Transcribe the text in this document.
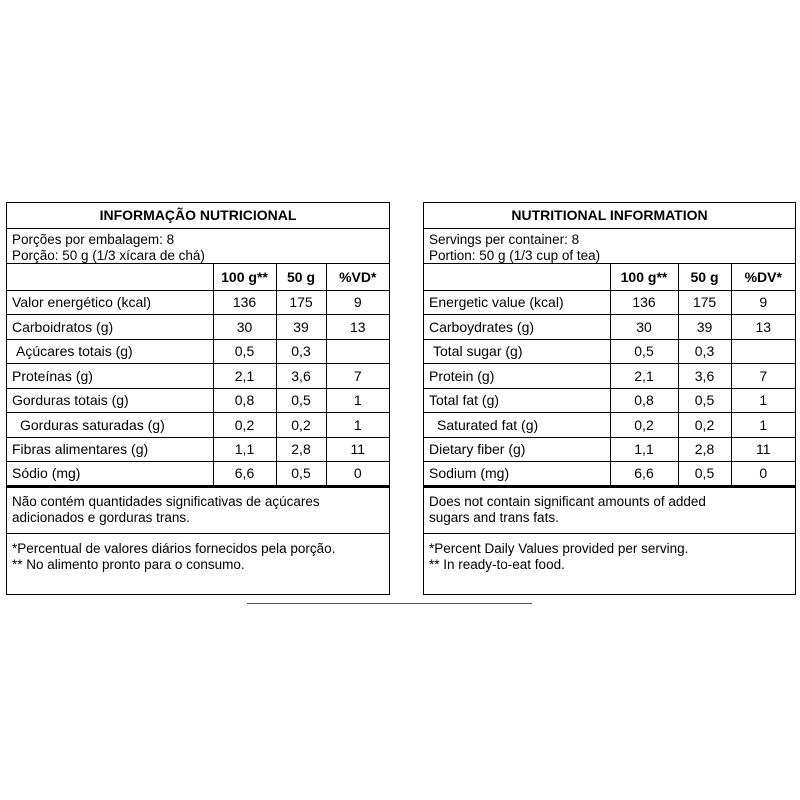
INFORMAÇÃO NUTRICIONAL
Porções por embalagem: 8
Porção: 50 g (1/3 xícara de chá)
	100 g**	50 g	%VD*
Valor energético (kcal)	136	175	9
Carboidratos (g)	30	39	13
Açúcares totais (g)	0,5	0,3	
Proteínas (g)	2,1	3,6	7
Gorduras totais (g)	0,8	0,5	1
Gorduras saturadas (g)	0,2	0,2	1
Fibras alimentares (g)	1,1	2,8	11
Sódio (mg)	6,6	0,5	0
Não contém quantidades significativas de açúcares
adicionados e gorduras trans.
*Percentual de valores diários fornecidos pela porção.
** No alimento pronto para o consumo.
NUTRITIONAL INFORMATION
Servings per container: 8
Portion: 50 g (1/3 cup of tea)
	100 g**	50 g	%DV*
Energetic value (kcal)	136	175	9
Carboydrates (g)	30	39	13
Total sugar (g)	0,5	0,3	
Protein (g)	2,1	3,6	7
Total fat (g)	0,8	0,5	1
Saturated fat (g)	0,2	0,2	1
Dietary fiber (g)	1,1	2,8	11
Sodium (mg)	6,6	0,5	0
Does not contain significant amounts of added
sugars and trans fats.
*Percent Daily Values provided per serving.
** In ready-to-eat food.
